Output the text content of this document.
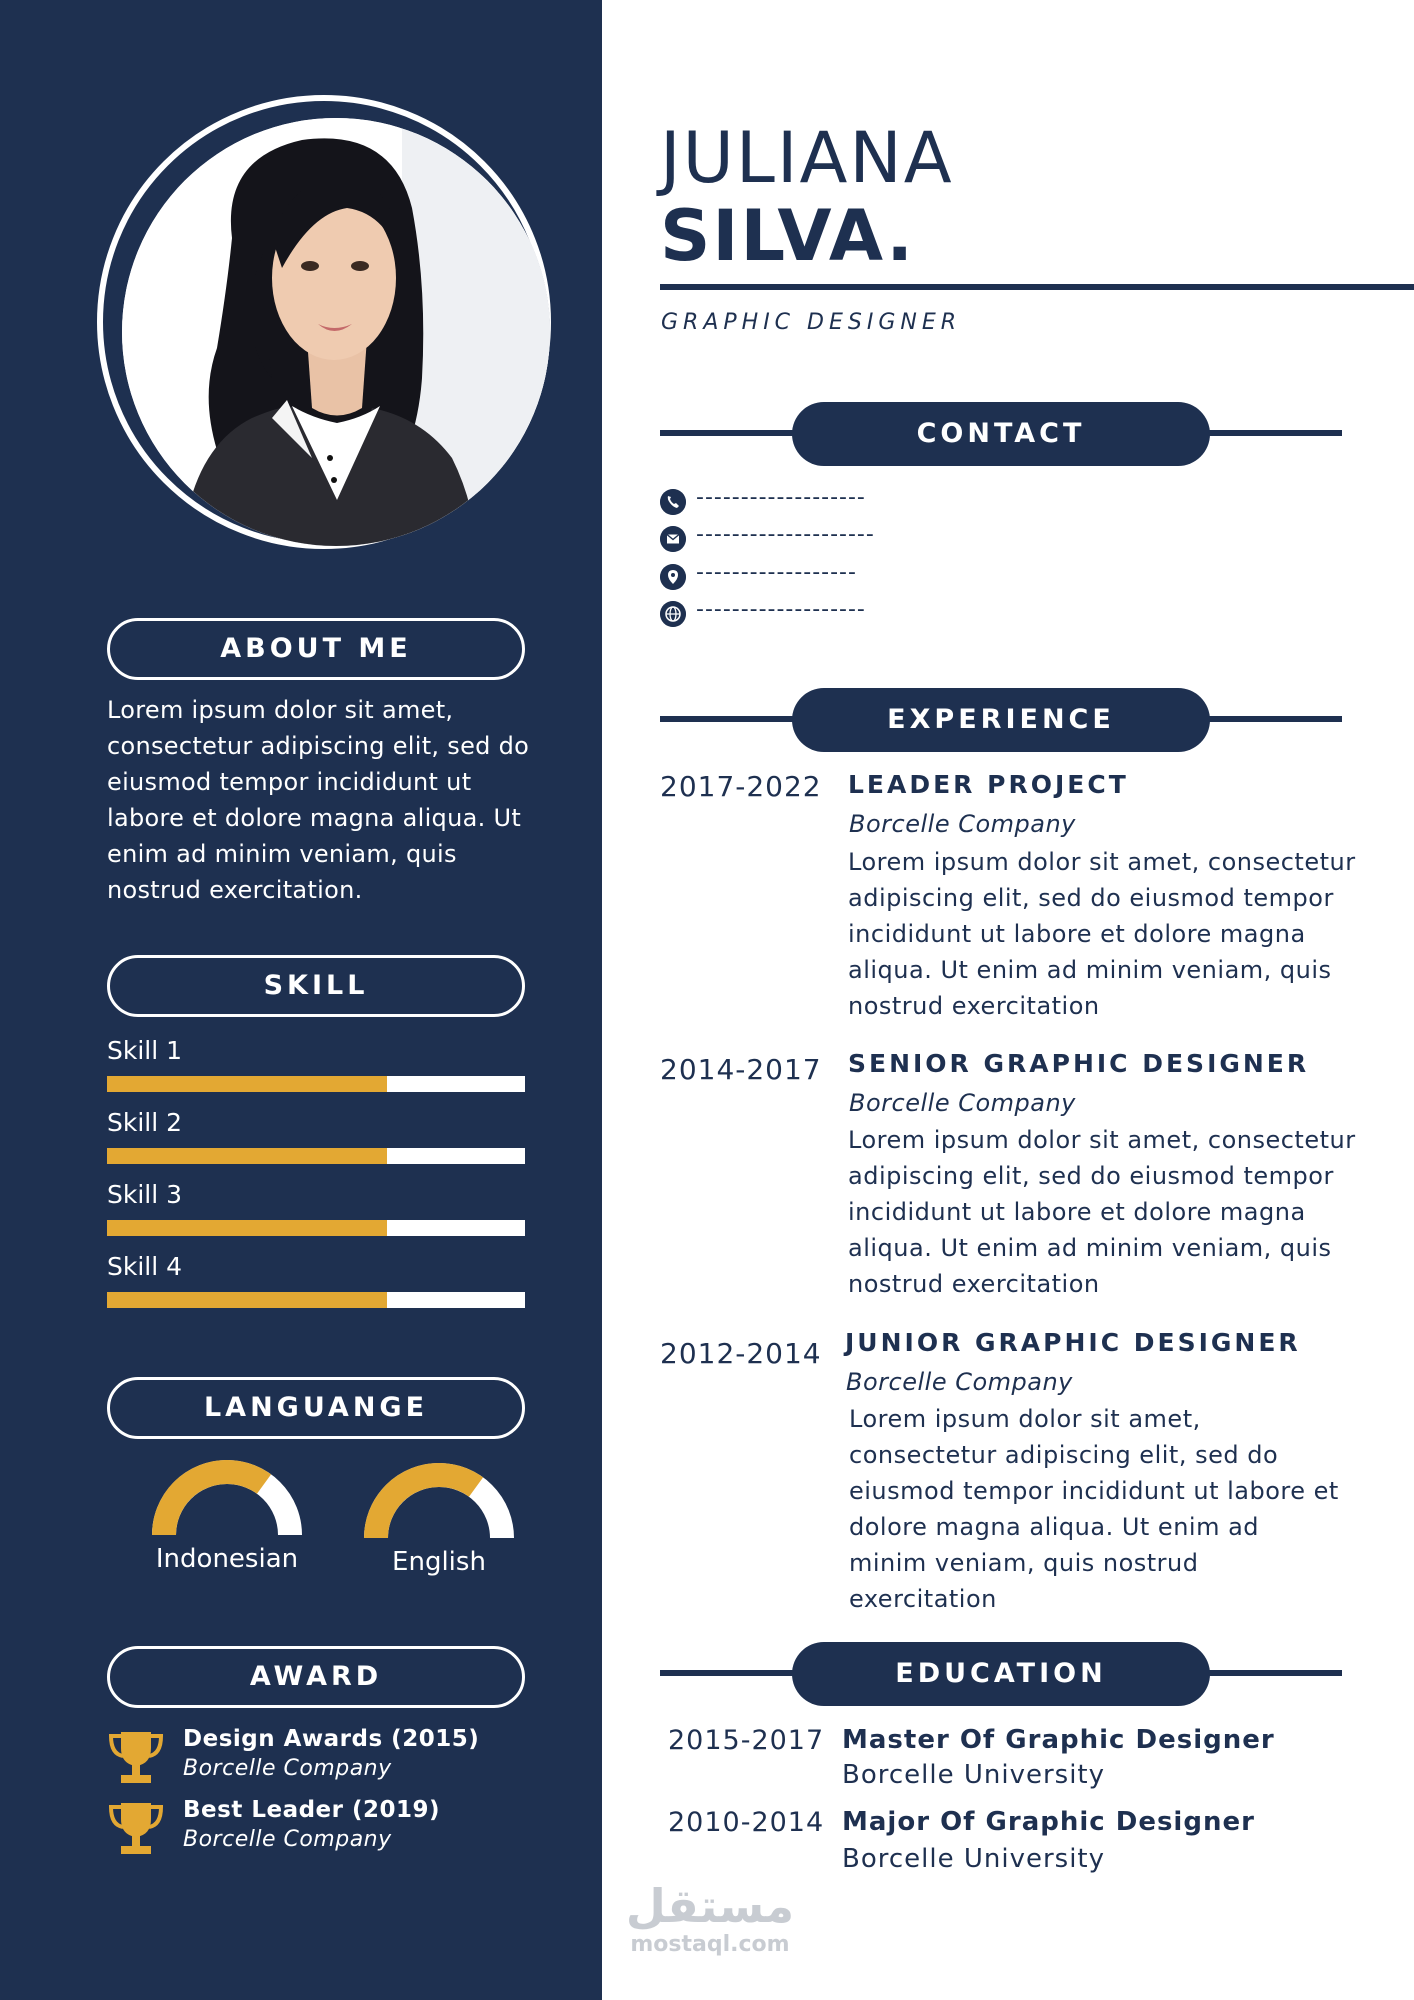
ABOUT ME

Lorem ipsum dolor sit amet, consectetur adipiscing elit, sed do eiusmod tempor incididunt ut labore et dolore magna aliqua. Ut enim ad minim veniam, quis nostrud exercitation.

SKILL
Skill 1
Skill 2
Skill 3
Skill 4
LANGUANGE
Indonesian	English
AWARD
Design Awards (2015)
Borcelle Company
Best Leader (2019)
Borcelle Company
JULIANA
SILVA.
GRAPHIC DESIGNER
CONTACT
-------------------
--------------------
------------------
-------------------
EXPERIENCE
2017-2022 LEADER PROJECT
Borcelle Company

Lorem ipsum dolor sit amet, consectetur adipiscing elit, sed do eiusmod tempor incididunt ut labore et dolore magna aliqua. Ut enim ad minim veniam, quis nostrud exercitation

2014-2017 SENIOR GRAPHIC DESIGNER
Borcelle Company

Lorem ipsum dolor sit amet, consectetur adipiscing elit, sed do eiusmod tempor incididunt ut labore et dolore magna aliqua. Ut enim ad minim veniam, quis nostrud exercitation

2012-2014 JUNIOR GRAPHIC DESIGNER
Borcelle Company

Lorem ipsum dolor sit amet, consectetur adipiscing elit, sed do eiusmod tempor incididunt ut labore et dolore magna aliqua. Ut enim ad minim veniam, quis nostrud exercitation

EDUCATION
2015-2017 Master Of Graphic Designer
Borcelle University
2010-2014 Major Of Graphic Designer
Borcelle University
مستقل
mostaql.com
